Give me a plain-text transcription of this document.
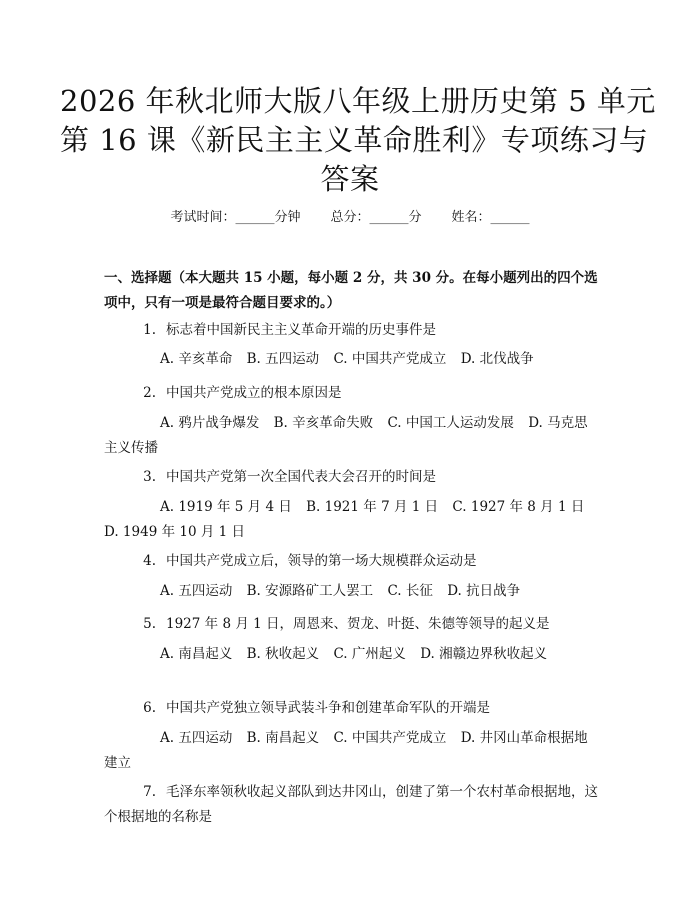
2026 年秋北师大版八年级上册历史第 5 单元
第 16 课《新民主主义革命胜利》专项练习与
答案
考试时间：______分钟 总分：______分 姓名：______
一、选择题（本大题共 15 小题，每小题 2 分，共 30 分。在每小题列出的四个选项中，只有一项是最符合题目要求的。）
1. 标志着中国新民主主义革命开端的历史事件是
A. 辛亥革命 B. 五四运动 C. 中国共产党成立 D. 北伐战争
2. 中国共产党成立的根本原因是
A. 鸦片战争爆发 B. 辛亥革命失败 C. 中国工人运动发展 D. 马克思主义传播
3. 中国共产党第一次全国代表大会召开的时间是
A. 1919 年 5 月 4 日 B. 1921 年 7 月 1 日 C. 1927 年 8 月 1 日 D. 1949 年 10 月 1 日
4. 中国共产党成立后，领导的第一场大规模群众运动是
A. 五四运动 B. 安源路矿工人罢工 C. 长征 D. 抗日战争
5. 1927 年 8 月 1 日，周恩来、贺龙、叶挺、朱德等领导的起义是
A. 南昌起义 B. 秋收起义 C. 广州起义 D. 湘赣边界秋收起义
6. 中国共产党独立领导武装斗争和创建革命军队的开端是
A. 五四运动 B. 南昌起义 C. 中国共产党成立 D. 井冈山革命根据地建立
7. 毛泽东率领秋收起义部队到达井冈山，创建了第一个农村革命根据地，这个根据地的名称是
